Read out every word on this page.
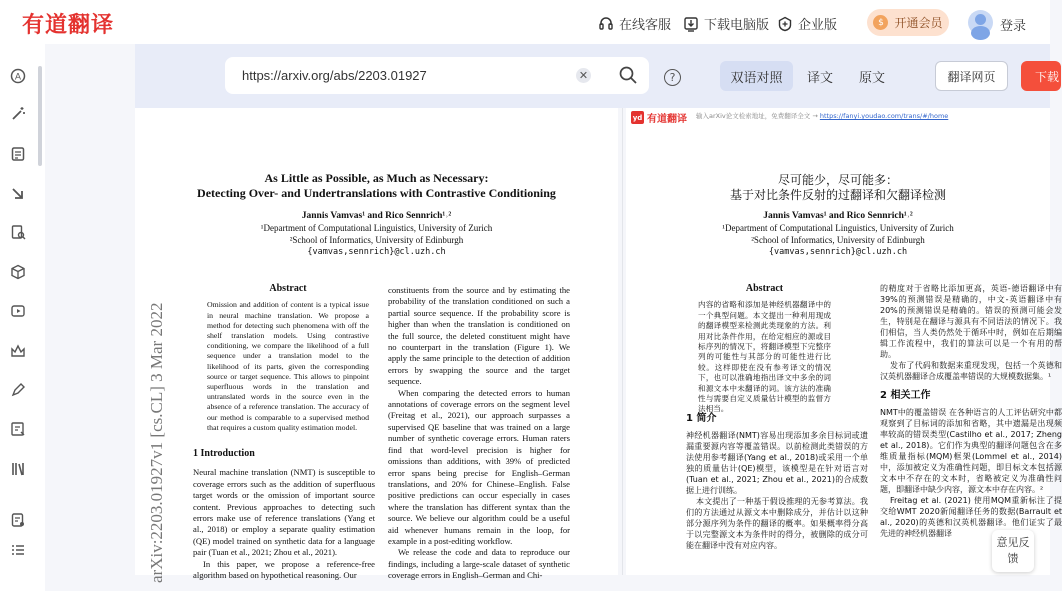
有道翻译	在线客服	下载电脑版 企业版	$ 开通会员	登录
A	https://arxiv.org/abs/2203.01927	✕	?	双语对照	译文	原文	翻译网页	下载
arXiv:2203.01927v1 [cs.CL] 3 Mar 2022
As Little as Possible, as Much as Necessary:
Detecting Over- and Undertranslations with Contrastive Conditioning
Jannis Vamvas¹ and Rico Sennrich¹˒²
¹Department of Computational Linguistics, University of Zurich
²School of Informatics, University of Edinburgh
{vamvas,sennrich}@cl.uzh.ch
Abstract
Omission and addition of content is a typical issue in neural machine translation. We propose a method for detecting such phenomena with off the shelf translation models. Using contrastive conditioning, we compare the likelihood of a full sequence under a translation model to the likelihood of its parts, given the corresponding source or target sequence. This allows to pinpoint superfluous words in the translation and untranslated words in the source even in the absence of a reference translation. The accuracy of our method is comparable to a supervised method that requires a custom quality estimation model.
1 Introduction
Neural machine translation (NMT) is susceptible to coverage errors such as the addition of superfluous target words or the omission of important source content. Previous approaches to detecting such errors make use of reference translations (Yang et al., 2018) or employ a separate quality estimation (QE) model trained on synthetic data for a language pair (Tuan et al., 2021; Zhou et al., 2021).
In this paper, we propose a reference-free algorithm based on hypothetical reasoning. Our
constituents from the source and by estimating the probability of the translation conditioned on such a partial source sequence. If the probability score is higher than when the translation is conditioned on the full source, the deleted constituent might have no counterpart in the translation (Figure 1). We apply the same principle to the detection of addition errors by swapping the source and the target sequence.
When comparing the detected errors to human annotations of coverage errors on the segment level (Freitag et al., 2021), our approach surpasses a supervised QE baseline that was trained on a large number of synthetic coverage errors. Human raters find that word-level precision is higher for omissions than additions, with 39% of predicted error spans being precise for English–German translations, and 20% for Chinese–English. False positive predictions can occur especially in cases where the translation has different syntax than the source. We believe our algorithm could be a useful aid whenever humans remain in the loop, for example in a post-editing workflow.
We release the code and data to reproduce our findings, including a large-scale dataset of synthetic coverage errors in English–German and Chi-
yd 有道翻译 输入arXiv论文检索地址，免费翻译全文 → https://fanyi.youdao.com/trans/#/home
尽可能少，尽可能多：
基于对比条件反射的过翻译和欠翻译检测
Jannis Vamvas¹ and Rico Sennrich¹˒²
¹Department of Computational Linguistics, University of Zurich
²School of Informatics, University of Edinburgh
{vamvas,sennrich}@cl.uzh.ch
Abstract
内容的省略和添加是神经机器翻译中的一个典型问题。本文提出一种利用现成的翻译模型来检测此类现象的方法。利用对比条件作用，在给定相应的源或目标序列的情况下，将翻译模型下完整序列的可能性与其部分的可能性进行比较。这样即使在没有参考译文的情况下，也可以准确地指出译文中多余的词和源文本中未翻译的词。该方法的准确性与需要自定义质量估计模型的监督方法相当。
1 简介
神经机器翻译(NMT)容易出现添加多余目标词或遗漏重要源内容等覆盖错误。以前检测此类错误的方法使用参考翻译(Yang et al., 2018)或采用一个单独的质量估计(QE)模型，该模型是在针对语言对(Tuan et al., 2021; Zhou et al., 2021)的合成数据上进行训练。
本文提出了一种基于假设推理的无参考算法。我们的方法通过从源文本中删除成分，并估计以这种部分源序列为条件的翻译的概率。如果概率得分高于以完整源文本为条件时的得分，被删除的成分可能在翻译中没有对应内容。
的精度对于省略比添加更高，英语-德语翻译中有39%的预测错误是精确的，中文-英语翻译中有20%的预测错误是精确的。错误的预测可能会发生，特别是在翻译与源具有不同语法的情况下。我们相信，当人类仍然处于循环中时，例如在后期编辑工作流程中，我们的算法可以是一个有用的帮助。
发布了代码和数据来重现发现，包括一个英德和汉英机器翻译合成覆盖率错误的大规模数据集。¹
2 相关工作
NMT中的覆盖错误 在各种语言的人工评估研究中都观察到了目标词的添加和省略，其中遗漏是出现频率较高的错误类型(Castilho et al., 2017; Zheng et al., 2018)。它们作为典型的翻译问题包含在多维质量指标(MQM)框架(Lommel et al., 2014)中，添加被定义为准确性问题，即目标文本包括源文本中不存在的文本时，省略被定义为准确性问题，即翻译中缺少内容，源文本中存在内容。²
Freitag et al. (2021) 使用MQM重新标注了提交给WMT 2020新闻翻译任务的数据(Barrault et al., 2020)的英德和汉英机器翻译。他们证实了最先进的神经机器翻译
意见反馈
